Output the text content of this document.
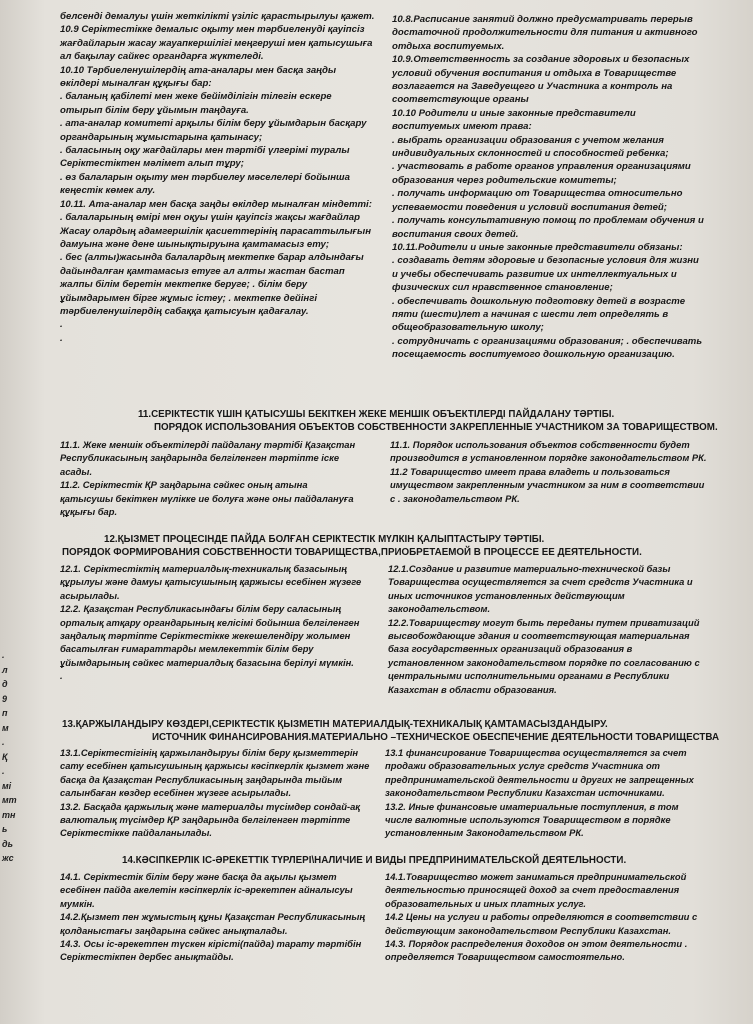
белсенді демалуы үшін жеткілікті үзіліс қарастырылуы қажет.

10.9 Серіктестікке демалыс оқыту мен тәрбиеленуді қауіпсіз жағдайларын жасау жауапкершілігі меңгеруші мен қатысушыға ал бақылау сайкес органдарға жүктеледі.

10.10 Тәрбиеленушілердің ата-аналары мен басқа заңды өкілдері мыналған құқығы бар:

. баланың қабілеті мен жеке бейімділігін тілегін ескере отырып білім беру ұйымын таңдауға.

. ата-аналар комитеті арқылы білім беру ұйымдарын басқару органдарының жұмыстарына қатынасу;

. баласының оқу жағдайлары мен тәртібі үлгерімі туралы Серіктестіктен мәлімет алып тұру;

. өз балаларын оқыту мен тәрбиелеу мәселелері бойынша кеңестік көмек алу.

10.11. Ата-аналар мен басқа заңды өкілдер мыналған міндетті:

. балаларының өмірі мен оқуы үшін қауіпсіз жақсы жағдайлар Жасау олардың адамгершілік қасиеттерінің парасаттылығын дамуына және дене шынықтыруына қамтамасыз ету;

. бес (алты)жасында балалардың мектепке барар алдындағы дайындалған қамтамасыз етуге ал алты жастан бастап жалпы білім беретін мектепке беруге; . білім беру ұйымдарымен бірге жұмыс істеу; . мектепке дейінгі тәрбиеленушілердің сабаққа қатысуын қадағалау.

.

.

10.8.Расписание занятий должно предусматривать перерыв достаточной продолжительности для питания и активного отдыха воспитуемых.

10.9.Ответственность за создание здоровых и безопасных условий обучения воспитания и отдыха в Товариществе возлагается на Заведуещего и Участника а контроль на соответствующие органы

10.10 Родители и иные законные представители воспитуемых имеют права:

. выбрать организации образования с учетом желания индивидуальных склонностей и способностей ребенка;

. участвовать в работе органов управления организациями образования через родительские комитеты;

. получать информацию от Товарищества относительно успеваемости поведения и условий воспитания детей;

. получать консультативную помощ по проблемам обучения и воспитания своих детей.

10.11.Родители и иные законные представители обязаны:

. создавать детям здоровые и безопасные условия для жизни и учебы обеспечивать развитие их интеллектуальных и физических сил нравственное становление;

. обеспечивать дошкольную подготовку детей в возрасте пяти (шести)лет а начиная с шести лет определять в общеобразовательную школу;

. сотрудничать с организациями образования; . обеспечивать посещаемость воспитуемого дошкольную организацию.

11.СЕРІКТЕСТІК ҮШІН ҚАТЫСУШЫ БЕКІТКЕН ЖЕКЕ МЕНШІК ОБЪЕКТІЛЕРДІ ПАЙДАЛАНУ ТӘРТІБІ.
ПОРЯДОК ИСПОЛЬЗОВАНИЯ ОБЪЕКТОВ СОБСТВЕННОСТИ ЗАКРЕПЛЕННЫЕ УЧАСТНИКОМ ЗА ТОВАРИЩЕСТВОМ.

11.1. Жеке меншік объектілерді пайдалану тәртібі Қазақстан Республикасының заңдарында белгіленген тәртіпте іске асады.

11.2. Серіктестік ҚР заңдарына сәйкес оның атына қатысушы бекіткен мүлікке ие болуға және оны пайдалануға құқығы бар.

11.1. Порядок использования объектов собственности будет производится в установленном порядке законодательством РК.

11.2 Товарищество имеет права владеть и пользоваться имуществом закрепленным участником за ним в соответствии с . законодательством РК.

12.ҚЫЗМЕТ ПРОЦЕСІНДЕ ПАЙДА БОЛҒАН СЕРІКТЕСТІК МҮЛКІН ҚАЛЫПТАСТЫРУ ТӘРТІБІ.
ПОРЯДОК ФОРМИРОВАНИЯ СОБСТВЕННОСТИ ТОВАРИЩЕСТВА,ПРИОБРЕТАЕМОЙ В ПРОЦЕССЕ ЕЕ ДЕЯТЕЛЬНОСТИ.

12.1. Серіктестіктің материалдық-техникалық базасының құрылуы және дамуы қатысушының қаржысы есебінен жүзеге асырылады.

12.2. Қазақстан Республикасындағы білім беру саласының орталық атқару органдарының келісімі бойынша белгіленген заңдалық тәртіпте Серіктестікке жекешелендіру жолымен басатылған ғимараттарды мемлекеттік білім беру ұйымдарының сәйкес материалдық базасына берілуі мүмкін.

.

12.1.Создание и развитие материально-технической базы Товарищества осуществляется за счет средств Участника и иных источников установленных действующим законодательством.

12.2.Товариществу могут быть переданы путем приватизаций высвобождающие здания и соответствующая материальная база государственных организаций образования в установленном законодательством порядке по согласованию с центральными исполнительными органами в Республики Казахстан в области образования.

13.ҚАРЖЫЛАНДЫРУ КӨЗДЕРІ,СЕРІКТЕСТІК ҚЫЗМЕТІН МАТЕРИАЛДЫҚ-ТЕХНИКАЛЫҚ ҚАМТАМАСЫЗДАНДЫРУ.
ИСТОЧНИК ФИНАНСИРОВАНИЯ.МАТЕРИАЛЬНО –ТЕХНИЧЕСКОЕ ОБЕСПЕЧЕНИЕ ДЕЯТЕЛЬНОСТИ ТОВАРИЩЕСТВА

13.1.Серіктестігінің қаржыландыруы білім беру қызметтерін сату есебінен қатысушының қаржысы кәсіпкерлік қызмет және басқа да Қазақстан Республикасының заңдарында тыйым салынбаған көздер есебінен жүзеге асырылады.

13.2. Басқада қаржылық және материалды түсімдер сондай-ақ валюталық түсімдер ҚР заңдарында белгіленген тәртіпте Серіктестікке пайдаланылады.

13.1 финансирование Товарищества осуществляется за счет продажи образовательных услуг средств Участника от предпринимательской деятельности и других не запрещенных законодательством Республики Казахстан источниками.

13.2. Иные финансовые иматериальные поступления, в том числе валютные используются Товариществом в порядке установленным Законодательством РК.

14.КӘСІПКЕРЛІК ІС-ӘРЕКЕТТІК ТҮРЛЕРІ\НАЛИЧИЕ И ВИДЫ ПРЕДПРИНИМАТЕЛЬСКОЙ ДЕЯТЕЛЬНОСТИ.

14.1. Серіктестік білім беру және басқа да ақылы қызмет есебінен пайда акелетін кәсіпкерлік іс-әрекетпен айналысуы мумкін.

14.2.Қызмет пен жұмыстың құны Қазақстан Республикасының қолданыстағы заңдарына сәйкес анықталады.

14.3. Осы іс-әрекетпен түскен кірісті(пайда) тарату тәртібін Серіктестікпен дербес анықтайды.

14.1.Товарищество может заниматься предпринимательской деятельностью приносящей доход за счет предоставления образовательных и иных платных услуг.

14.2 Цены на услуги и работы определяются в соответствии с действующим законодательством Республики Казахстан.

14.3. Порядок распределения доходов он этом деятельности . определяется Товариществом самостоятельно.

.
л
д
9
п
м
.
Қ
.
мі
мт
тн
ь
дь
жс
